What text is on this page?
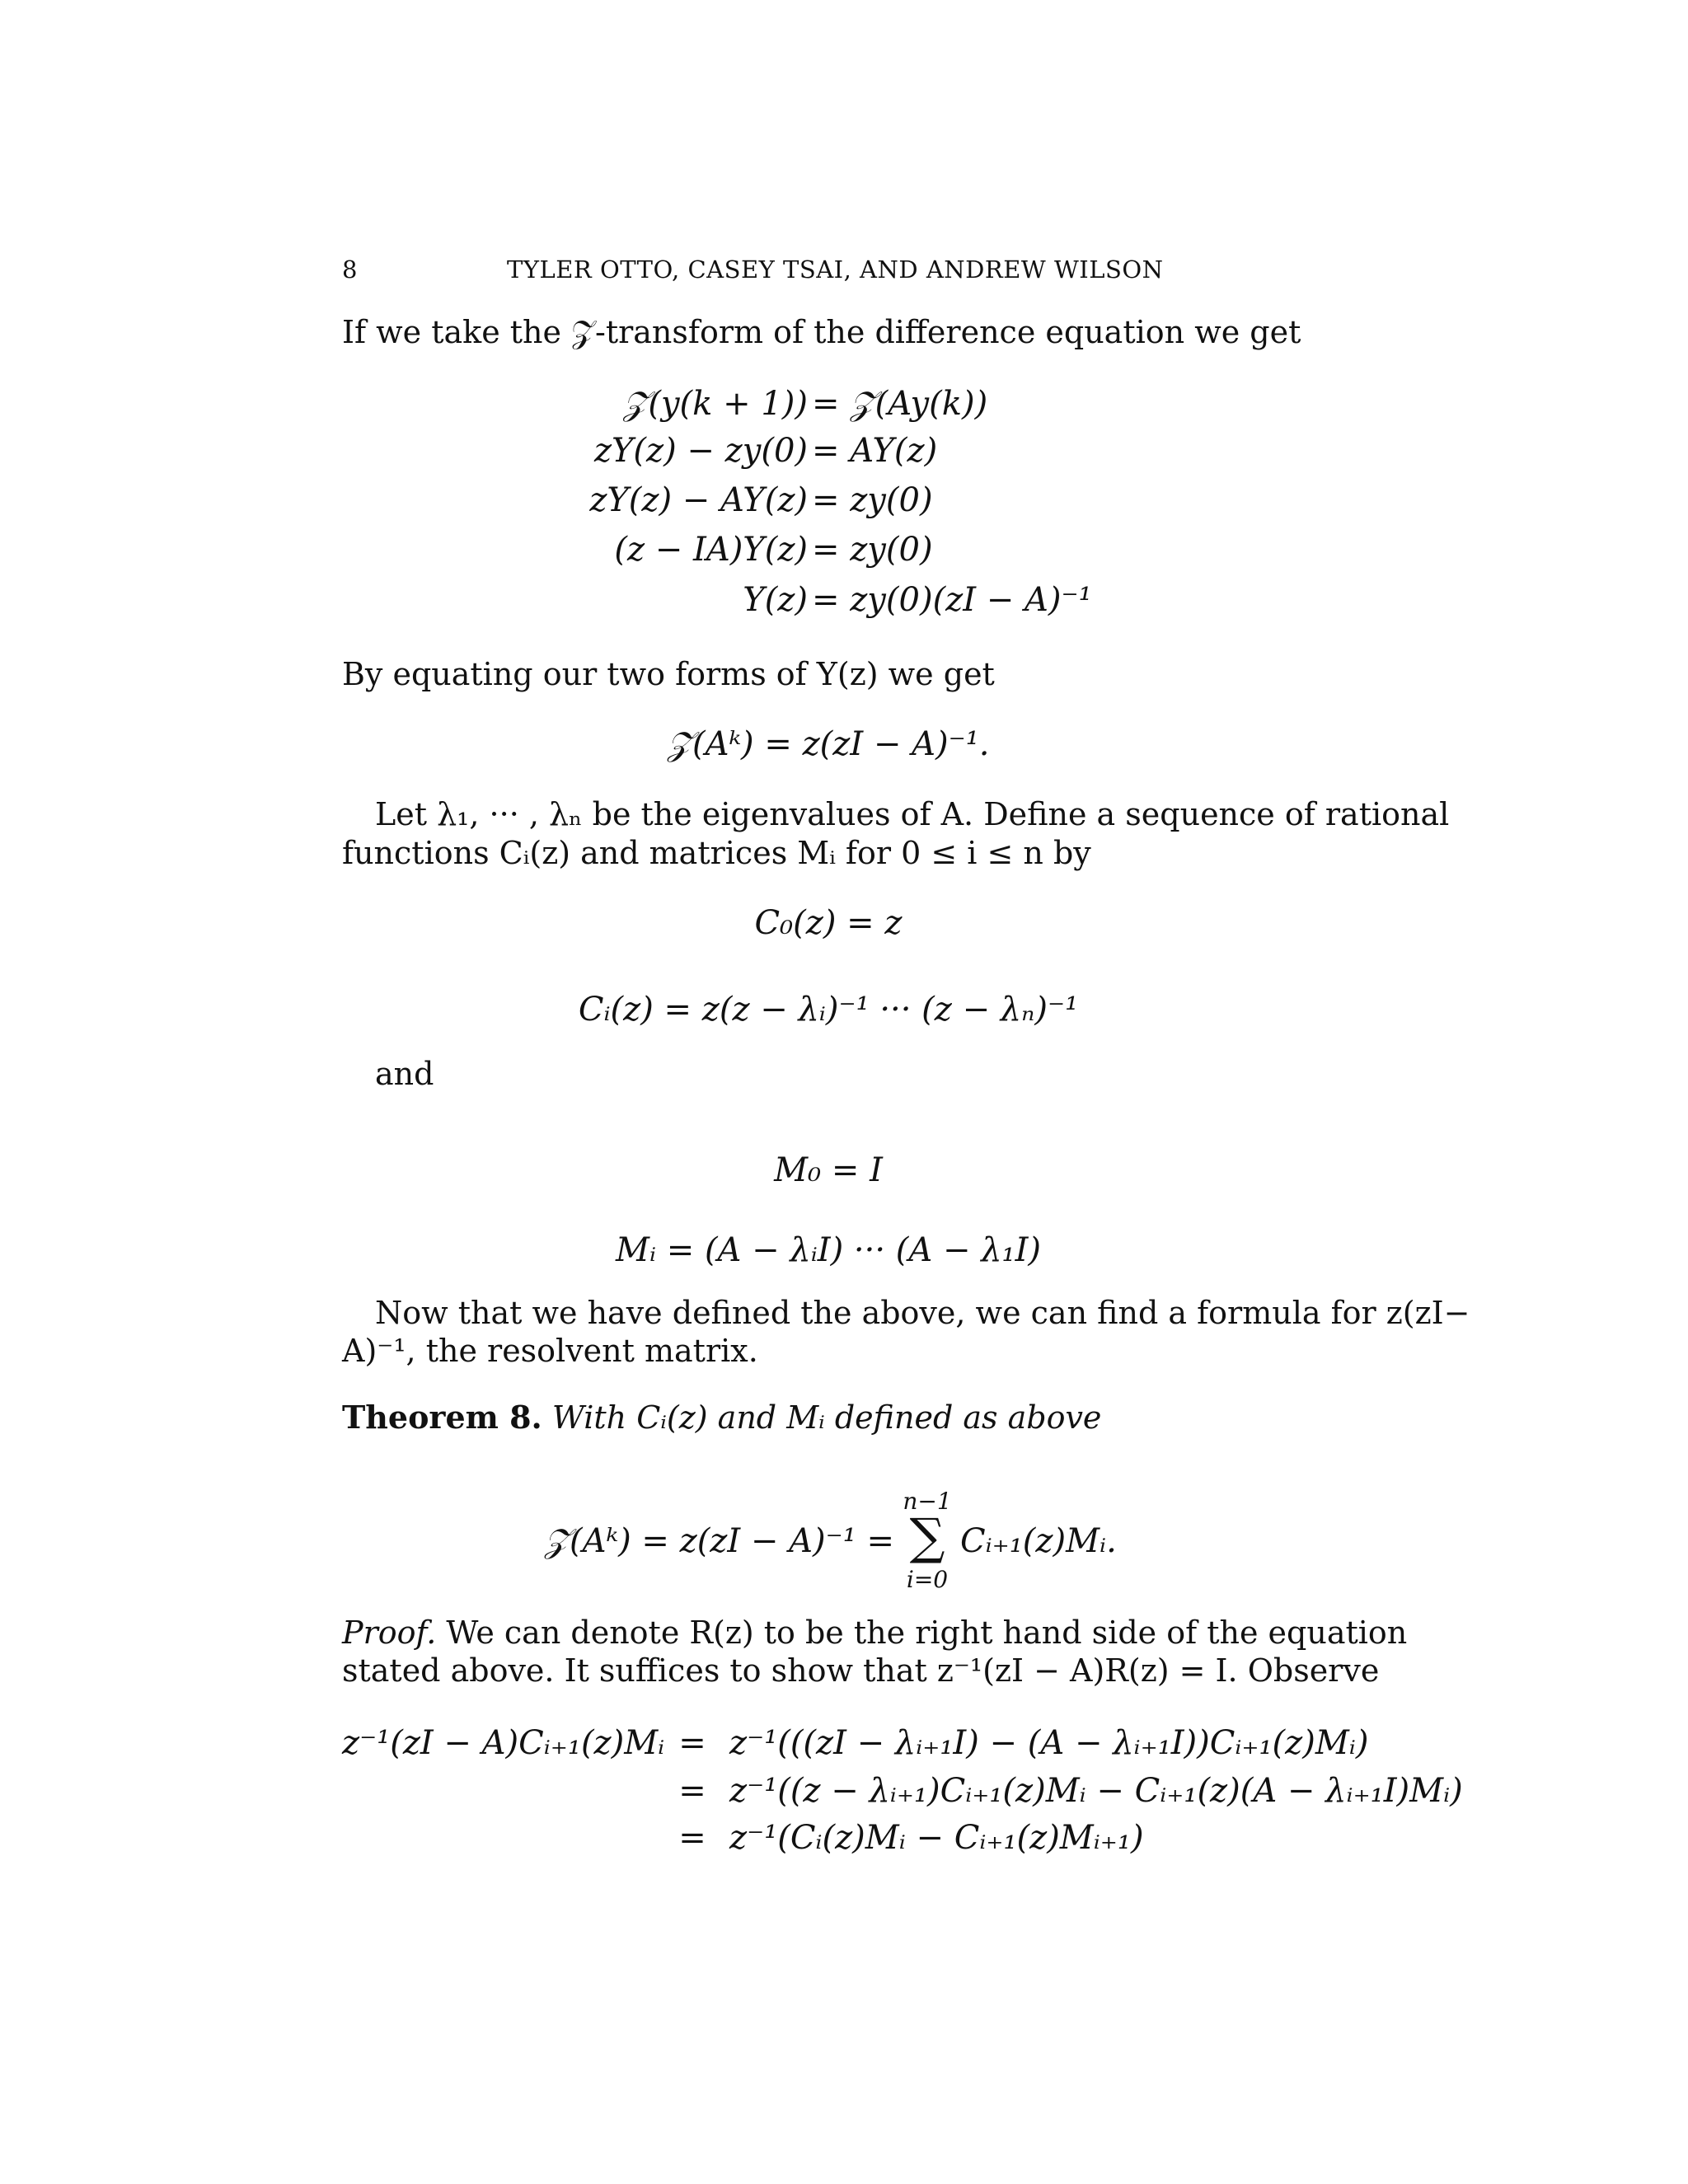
8	TYLER OTTO, CASEY TSAI, AND ANDREW WILSON
If we take the 𝒵-transform of the difference equation we get
𝒵(y(k + 1)) = 𝒵(Ay(k))
zY(z) − zy(0) = AY(z)
zY(z) − AY(z) = zy(0)
(z − IA)Y(z) = zy(0)
Y(z) = zy(0)(zI − A)⁻¹
By equating our two forms of Y(z) we get
𝒵(Aᵏ) = z(zI − A)⁻¹.
Let λ₁, ··· , λₙ be the eigenvalues of A. Define a sequence of rational
functions Cᵢ(z) and matrices Mᵢ for 0 ≤ i ≤ n by
C₀(z) = z
Cᵢ(z) = z(z − λᵢ)⁻¹ ··· (z − λₙ)⁻¹
and
M₀ = I
Mᵢ = (A − λᵢI) ··· (A − λ₁I)
Now that we have defined the above, we can find a formula for z(zI−
A)⁻¹, the resolvent matrix.
Theorem 8. With Cᵢ(z) and Mᵢ defined as above
𝒵(Aᵏ) = z(zI − A)⁻¹ =
n−1
∑
i=0
Cᵢ₊₁(z)Mᵢ.
Proof. We can denote R(z) to be the right hand side of the equation
stated above. It suffices to show that z⁻¹(zI − A)R(z) = I. Observe
z⁻¹(zI − A)Cᵢ₊₁(z)Mᵢ = z⁻¹(((zI − λᵢ₊₁I) − (A − λᵢ₊₁I))Cᵢ₊₁(z)Mᵢ)
= z⁻¹((z − λᵢ₊₁)Cᵢ₊₁(z)Mᵢ − Cᵢ₊₁(z)(A − λᵢ₊₁I)Mᵢ)
= z⁻¹(Cᵢ(z)Mᵢ − Cᵢ₊₁(z)Mᵢ₊₁)
